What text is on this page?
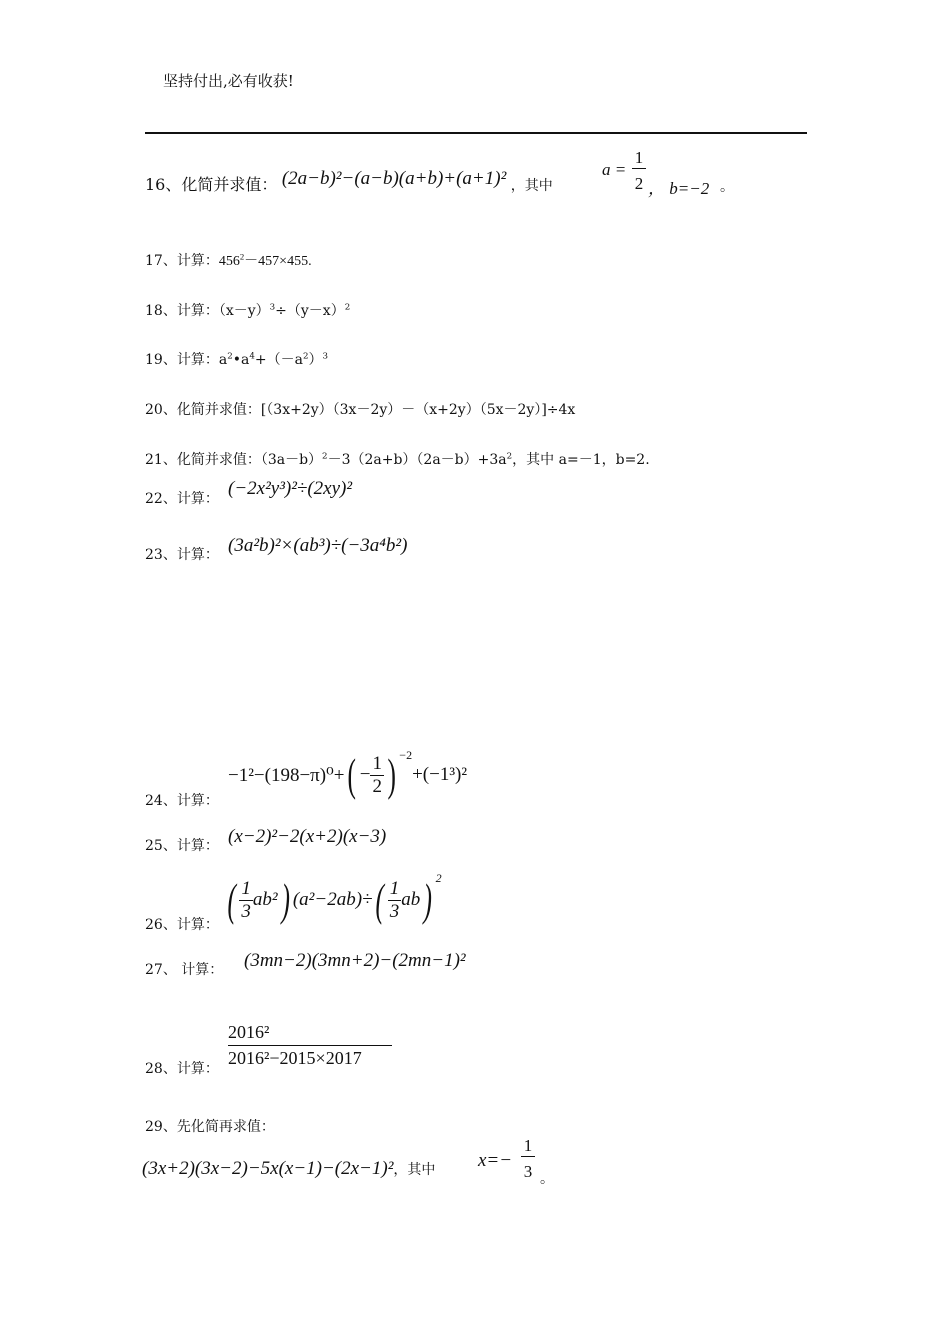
坚持付出,必有收获!
16、化简并求值： (2a−b)²−(a−b)(a+b)+(a+1)² ，其中
a =
1
2 ， b=−2 。
17、计算：$456^2-457\times 455$.
18、计算：$(x-y)^3\div(y-x)^2$
19、计算：$a^2•a^4+(-a^2)^3$
20、化简并求值：[（3x+2y）（3x－2y）－（x+2y）（5x－2y）]÷4x
21、化简并求值：$(3a-b)^2-3(2a+b)(2a-b)+3a^2$，其中 a=－1，b=2.
22、计算： (−2x²y³)²÷(2xy)²
23、计算： (3a²b)²×(ab³)÷(−3a⁴b²)
24、计算：
−1²−(198−π)⁰+ ( − $\frac{1}{2}$ ) −2
+(−1³)²
25、计算： (x−2)²−2(x+2)(x−3)
26、计算： ( $\frac{1}{3} ab^2$ ) (a²−2ab)÷ ( $\frac{1}{3}$ ab ) 2
27、 计算： (3mn−2)(3mn+2)−(2mn−1)²
28、计算： $\frac{\text{2016²}}{\text{2016²−2015×2017}}$
29、先化简再求值：
(3x+2)(3x−2)−5x(x−1)−(2x−1)²，其中 x=−
1
3 。
